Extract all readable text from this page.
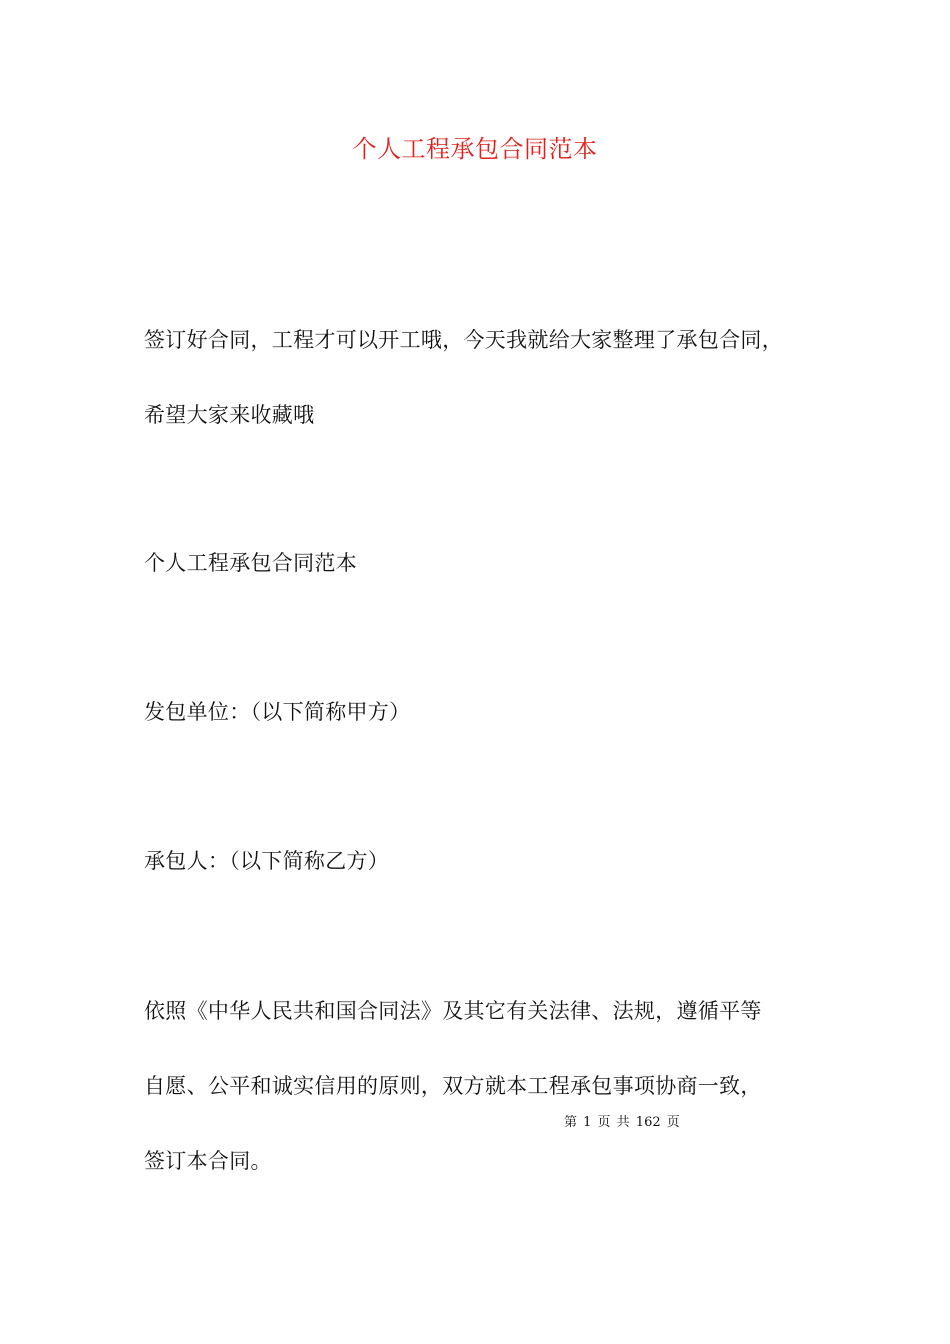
个人工程承包合同范本
签订好合同，工程才可以开工哦，今天我就给大家整理了承包合同，
希望大家来收藏哦
个人工程承包合同范本
发包单位：（以下简称甲方）
承包人：（以下简称乙方）
依照《中华人民共和国合同法》及其它有关法律、法规，遵循平等
自愿、公平和诚实信用的原则，双方就本工程承包事项协商一致，
签订本合同。
第 1 页 共 162 页
